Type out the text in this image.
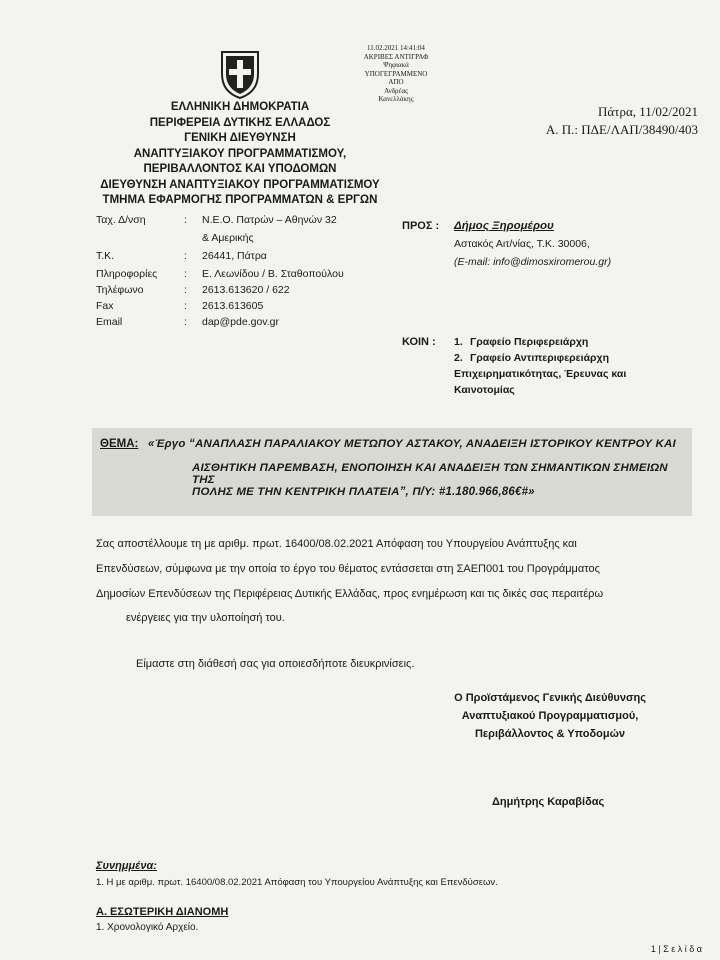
ΕΛΛΗΝΙΚΗ ΔΗΜΟΚΡΑΤΙΑ
ΠΕΡΙΦΕΡΕΙΑ ΔΥΤΙΚΗΣ ΕΛΛΑΔΟΣ
ΓΕΝΙΚΗ ΔΙΕΥΘΥΝΣΗ
ΑΝΑΠΤΥΞΙΑΚΟΥ ΠΡΟΓΡΑΜΜΑΤΙΣΜΟΥ,
ΠΕΡΙΒΑΛΛΟΝΤΟΣ ΚΑΙ ΥΠΟΔΟΜΩΝ
ΔΙΕΥΘΥΝΣΗ ΑΝΑΠΤΥΞΙΑΚΟΥ ΠΡΟΓΡΑΜΜΑΤΙΣΜΟΥ
ΤΜΗΜΑ ΕΦΑΡΜΟΓΗΣ ΠΡΟΓΡΑΜΜΑΤΩΝ & ΕΡΓΩΝ
11.02.2021 14:41:04
ΑΚΡΙΒΕΣ ΑΝΤΙΓΡΑΦ
Ψηφιακά
ΥΠΟΓΕΓΡΑΜΜΕΝΟ
ΑΠΟ
Ανδρέας
Κανελλάκης
Πάτρα, 11/02/2021
Α. Π.: ΠΔΕ/ΛΑΠ/38490/403
Ταχ. Δ/νση	: Ν.Ε.Ο. Πατρών – Αθηνών 32
& Αμερικής
Τ.Κ.	: 26441, Πάτρα
Πληροφορίες	: Ε. Λεωνίδου / Β. Σταθοπούλου
Τηλέφωνο	: 2613.613620 / 622
Fax	: 2613.613605
Email	: dap@pde.gov.gr
ΠΡΟΣ : Δήμος Ξηρομέρου
Αστακός Αιτ/νίας, Τ.Κ. 30006,
(E-mail: info@dimosxiromerou.gr)
ΚΟΙΝ : 1. Γραφείο Περιφερειάρχη
2. Γραφείο Αντιπεριφερειάρχη
Επιχειρηματικότητας, Έρευνας και
Καινοτομίας
ΘΕΜΑ: «Έργο “ΑΝΑΠΛΑΣΗ ΠΑΡΑΛΙΑΚΟΥ ΜΕΤΩΠΟΥ ΑΣΤΑΚΟΥ, ΑΝΑΔΕΙΞΗ ΙΣΤΟΡΙΚΟΥ ΚΕΝΤΡΟΥ ΚΑΙ
ΑΙΣΘΗΤΙΚΗ ΠΑΡΕΜΒΑΣΗ, ΕΝΟΠΟΙΗΣΗ ΚΑΙ ΑΝΑΔΕΙΞΗ ΤΩΝ ΣΗΜΑΝΤΙΚΩΝ ΣΗΜΕΙΩΝ ΤΗΣ
ΠΟΛΗΣ ΜΕ ΤΗΝ ΚΕΝΤΡΙΚΗ ΠΛΑΤΕΙΑ”, Π/Υ: #1.180.966,86€#»
Σας αποστέλλουμε τη με αριθμ. πρωτ. 16400/08.02.2021 Απόφαση του Υπουργείου Ανάπτυξης και
Επενδύσεων, σύμφωνα με την οποία το έργο του θέματος εντάσσεται στη ΣΑΕΠ001 του Προγράμματος
Δημοσίων Επενδύσεων της Περιφέρειας Δυτικής Ελλάδας, προς ενημέρωση και τις δικές σας περαιτέρω
ενέργειες για την υλοποίησή του.
Είμαστε στη διάθεσή σας για οποιεσδήποτε διευκρινίσεις.
Ο Προϊστάμενος Γενικής Διεύθυνσης
Αναπτυξιακού Προγραμματισμού,
Περιβάλλοντος & Υποδομών
Δημήτρης Καραβίδας
Συνημμένα:
1. Η με αριθμ. πρωτ. 16400/08.02.2021 Απόφαση του Υπουργείου Ανάπτυξης και Επενδύσεων.
Α. ΕΣΩΤΕΡΙΚΗ ΔΙΑΝΟΜΗ
1. Χρονολογικό Αρχείο.
1 | Σ ε λ ί δ α
